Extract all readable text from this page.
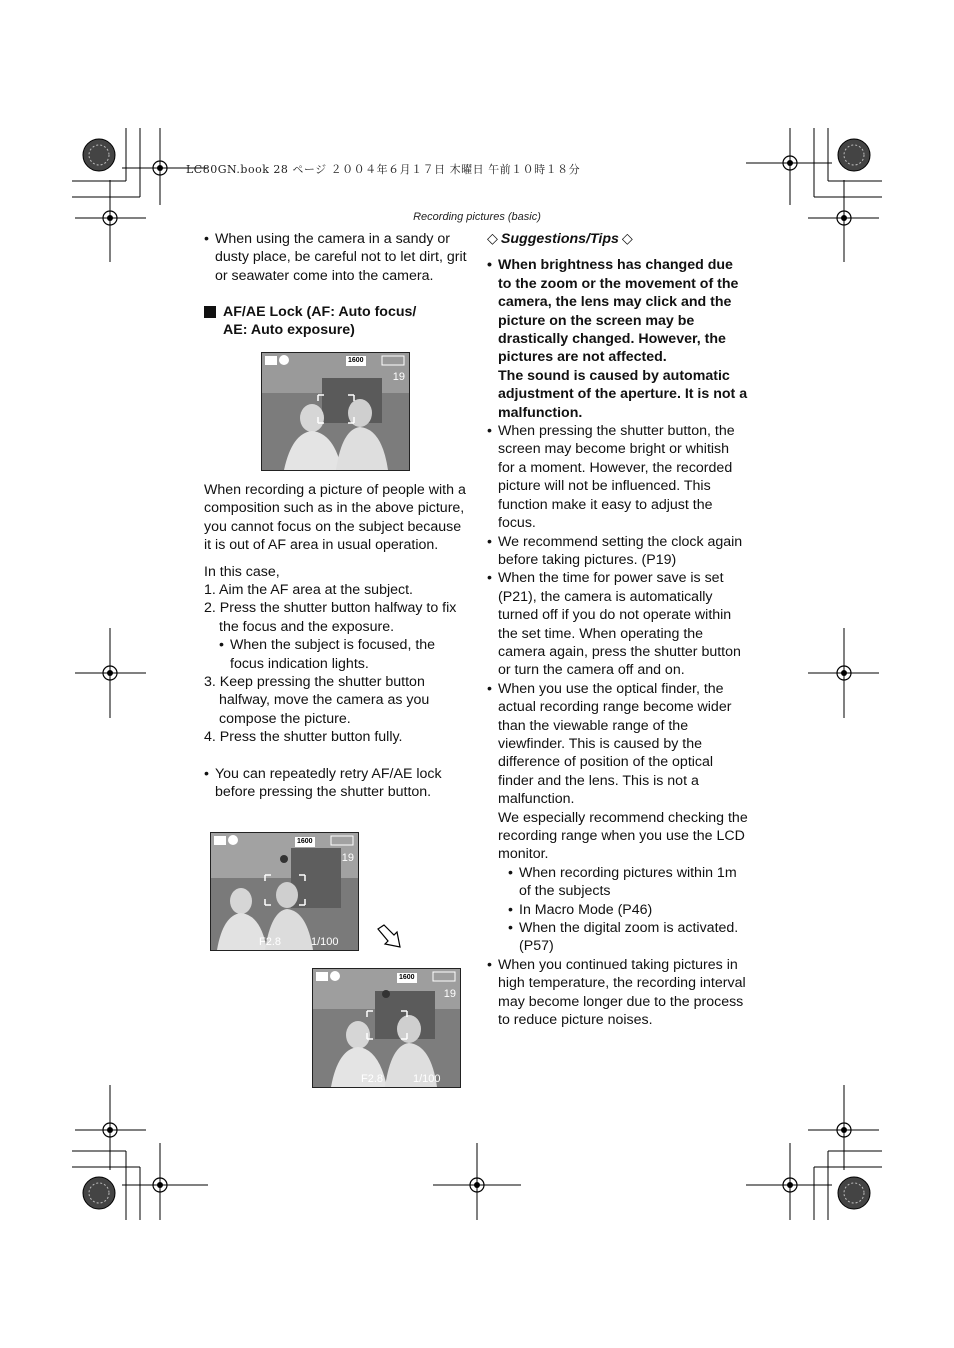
LC80GN.book 28 ページ ２００４年６月１７日 木曜日 午前１０時１８分
Recording pictures (basic)

• When using the camera in a sandy or dusty place, be careful not to let dirt, grit or seawater come into the camera.

AF/AE Lock (AF: Auto focus/
AE: Auto exposure)
1600
19

When recording a picture of people with a composition such as in the above picture, you cannot focus on the subject because it is out of AF area in usual operation.

In this case,

1. Aim the AF area at the subject.

2. Press the shutter button halfway to fix the focus and the exposure.

• When the subject is focused, the focus indication lights.

3. Keep pressing the shutter button halfway, move the camera as you compose the picture.

4. Press the shutter button fully.

• You can repeatedly retry AF/AE lock before pressing the shutter button.

1600
19
F2.8	1/100
1600
19
F2.8	1/100

◇ Suggestions/Tips ◇

• When brightness has changed due to the zoom or the movement of the camera, the lens may click and the picture on the screen may be drastically changed. However, the pictures are not affected.

The sound is caused by automatic adjustment of the aperture. It is not a malfunction.

• When pressing the shutter button, the screen may become bright or whitish for a moment. However, the recorded picture will not be influenced. This function make it easy to adjust the focus.

• We recommend setting the clock again before taking pictures. (P19)

• When the time for power save is set (P21), the camera is automatically turned off if you do not operate within the set time. When operating the camera again, press the shutter button or turn the camera off and on.

• When you use the optical finder, the actual recording range become wider than the viewable range of the viewfinder. This is caused by the difference of position of the optical finder and the lens. This is not a malfunction.

We especially recommend checking the recording range when you use the LCD monitor.

• When recording pictures within 1m of the subjects

• In Macro Mode (P46)

• When the digital zoom is activated. (P57)

• When you continued taking pictures in high temperature, the recording interval may become longer due to the process to reduce picture noises.
